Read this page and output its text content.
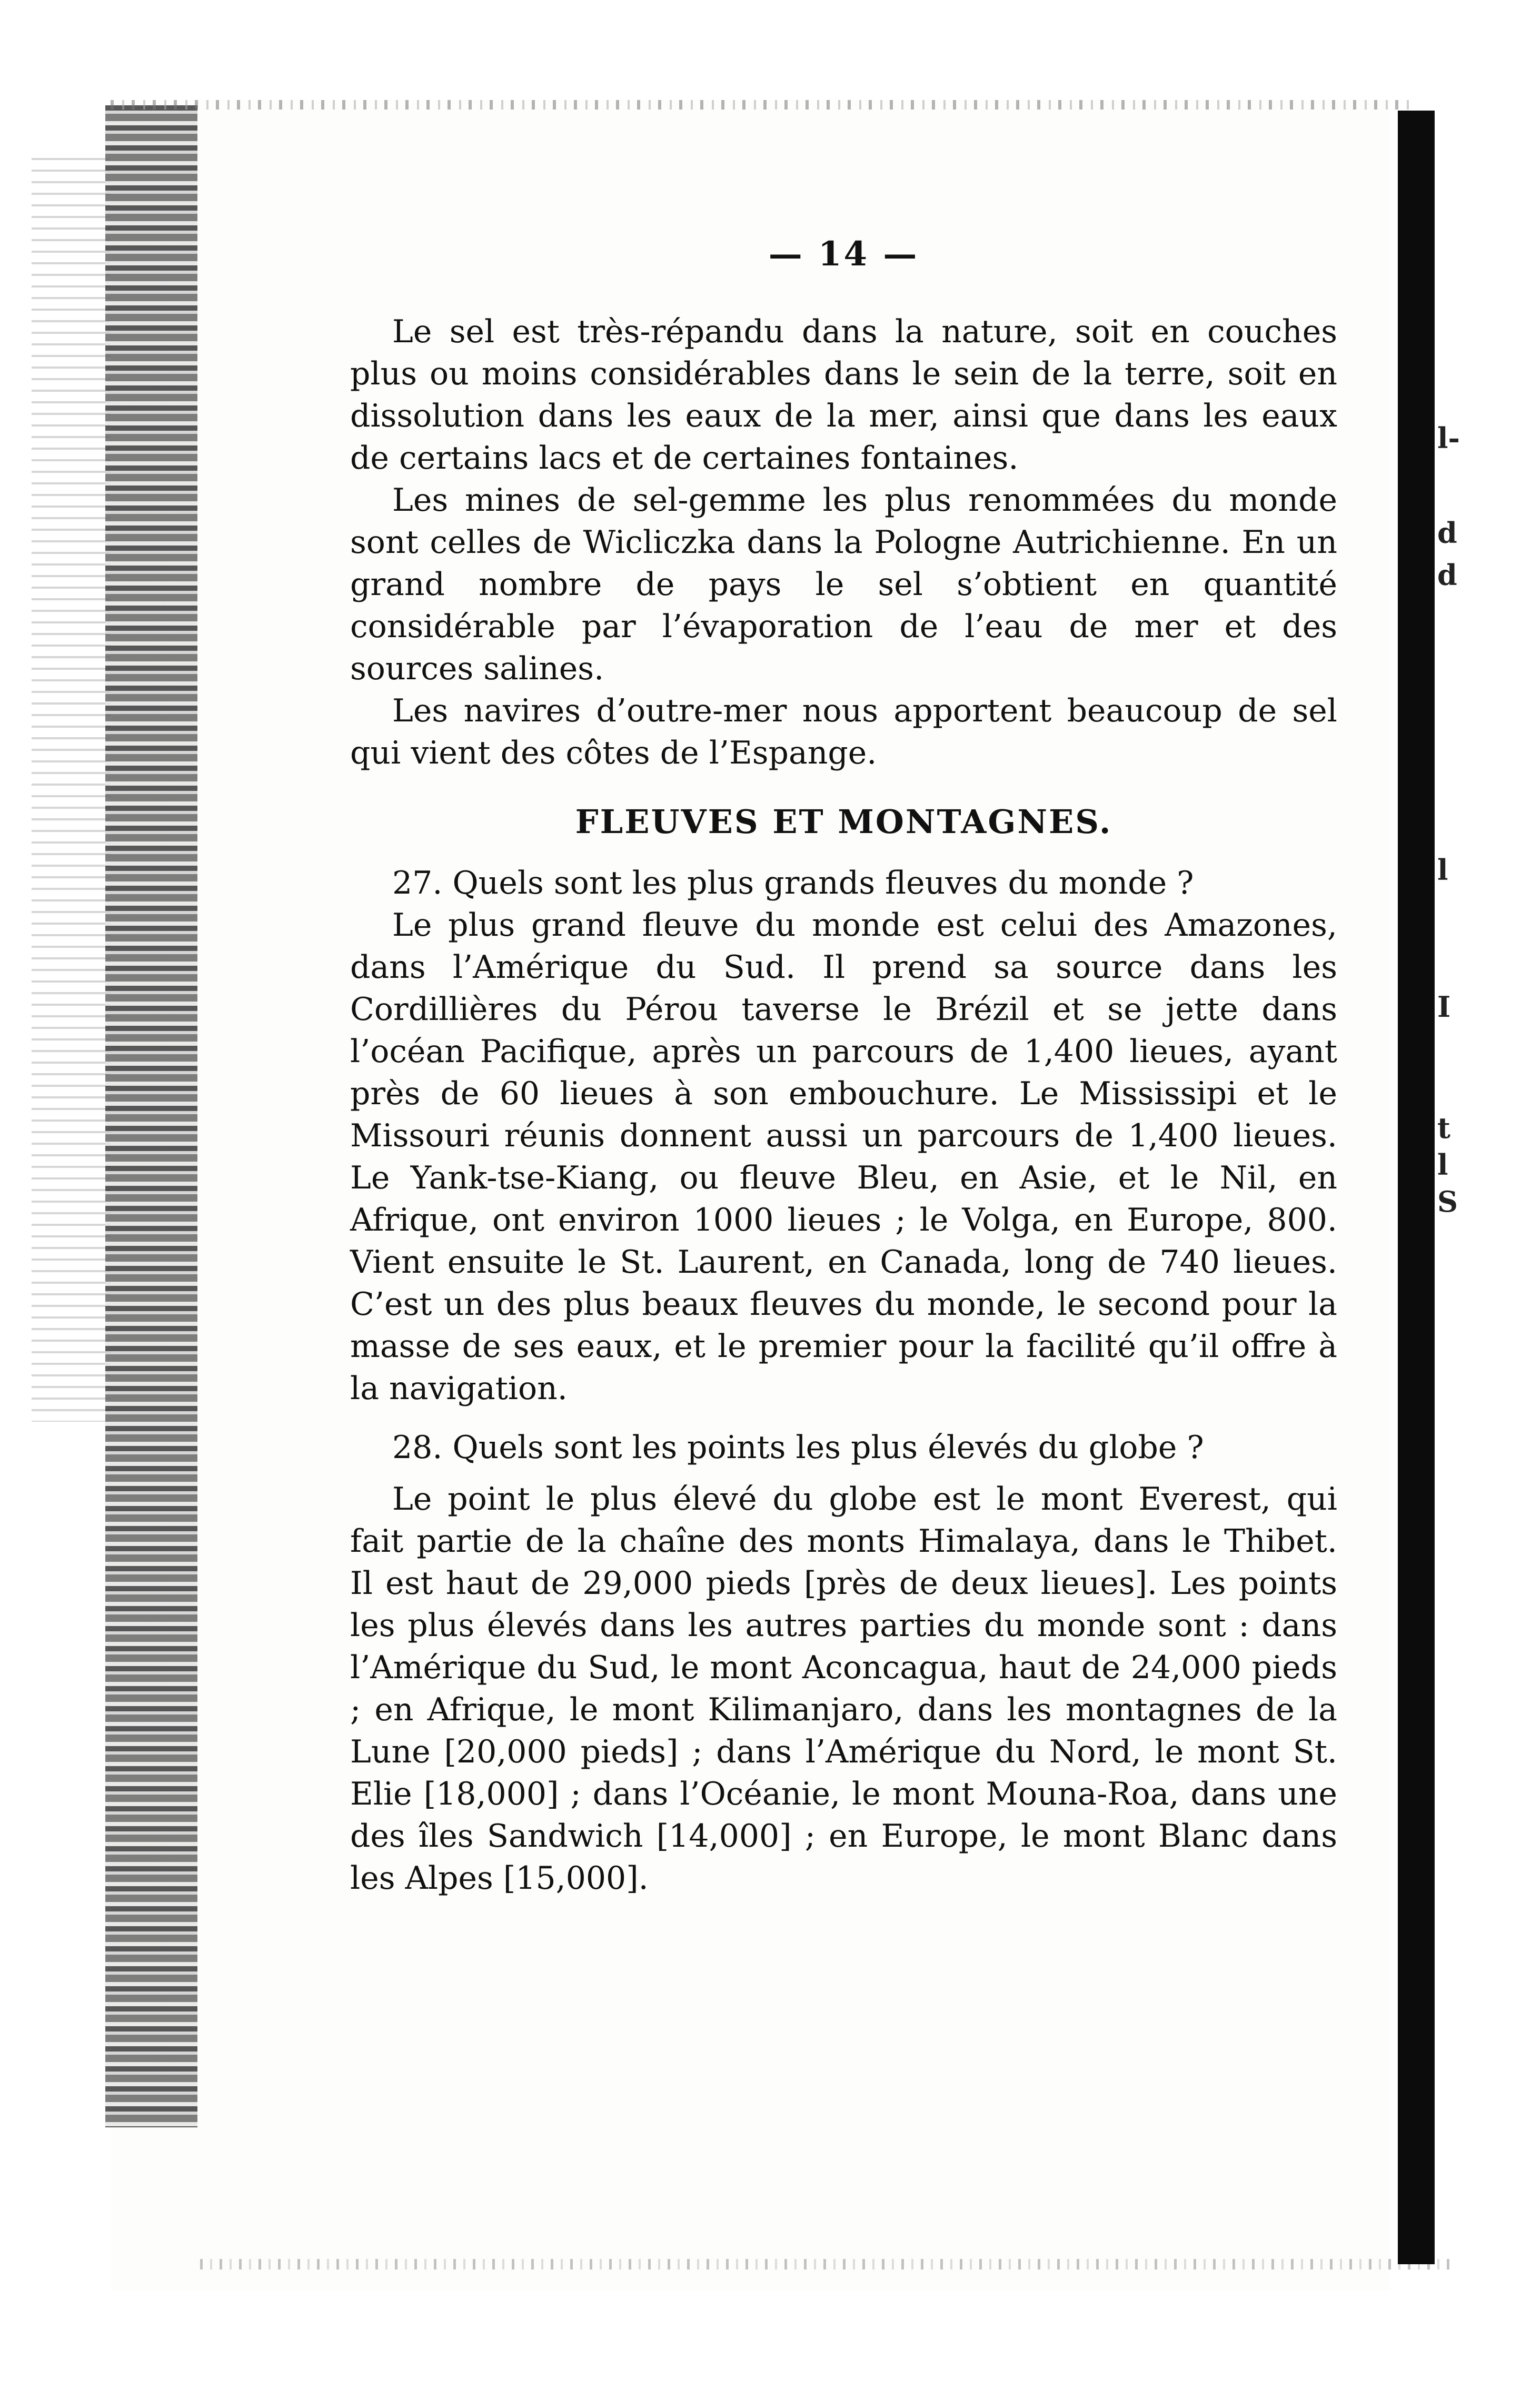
l-
d
d
l
I
t
l
S
— 14 —

Le sel est très-répandu dans la nature, soit en couches plus ou moins considérables dans le sein de la terre, soit en dissolution dans les eaux de la mer, ainsi que dans les eaux de certains lacs et de certaines fontaines.

Les mines de sel-gemme les plus renommées du monde sont celles de Wicliczka dans la Pologne Autrichienne. En un grand nombre de pays le sel s’obtient en quantité considérable par l’évaporation de l’eau de mer et des sources salines.

Les navires d’outre-mer nous apportent beaucoup de sel qui vient des côtes de l’Espange.

FLEUVES ET MONTAGNES.

27. Quels sont les plus grands fleuves du monde ?

Le plus grand fleuve du monde est celui des Amazones, dans l’Amérique du Sud. Il prend sa source dans les Cordillières du Pérou taverse le Brézil et se jette dans l’océan Pacifique, après un parcours de 1,400 lieues, ayant près de 60 lieues à son embouchure. Le Mississipi et le Missouri réunis donnent aussi un parcours de 1,400 lieues. Le Yank-tse-Kiang, ou fleuve Bleu, en Asie, et le Nil, en Afrique, ont environ 1000 lieues ; le Volga, en Europe, 800. Vient ensuite le St. Laurent, en Canada, long de 740 lieues. C’est un des plus beaux fleuves du monde, le second pour la masse de ses eaux, et le premier pour la facilité qu’il offre à la navigation.

28. Quels sont les points les plus élevés du globe ?

Le point le plus élevé du globe est le mont Everest, qui fait partie de la chaîne des monts Himalaya, dans le Thibet. Il est haut de 29,000 pieds [près de deux lieues]. Les points les plus élevés dans les autres parties du monde sont : dans l’Amérique du Sud, le mont Aconcagua, haut de 24,000 pieds ; en Afrique, le mont Kilimanjaro, dans les montagnes de la Lune [20,000 pieds] ; dans l’Amérique du Nord, le mont St. Elie [18,000] ; dans l’Océanie, le mont Mouna-Roa, dans une des îles Sandwich [14,000] ; en Europe, le mont Blanc dans les Alpes [15,000].
